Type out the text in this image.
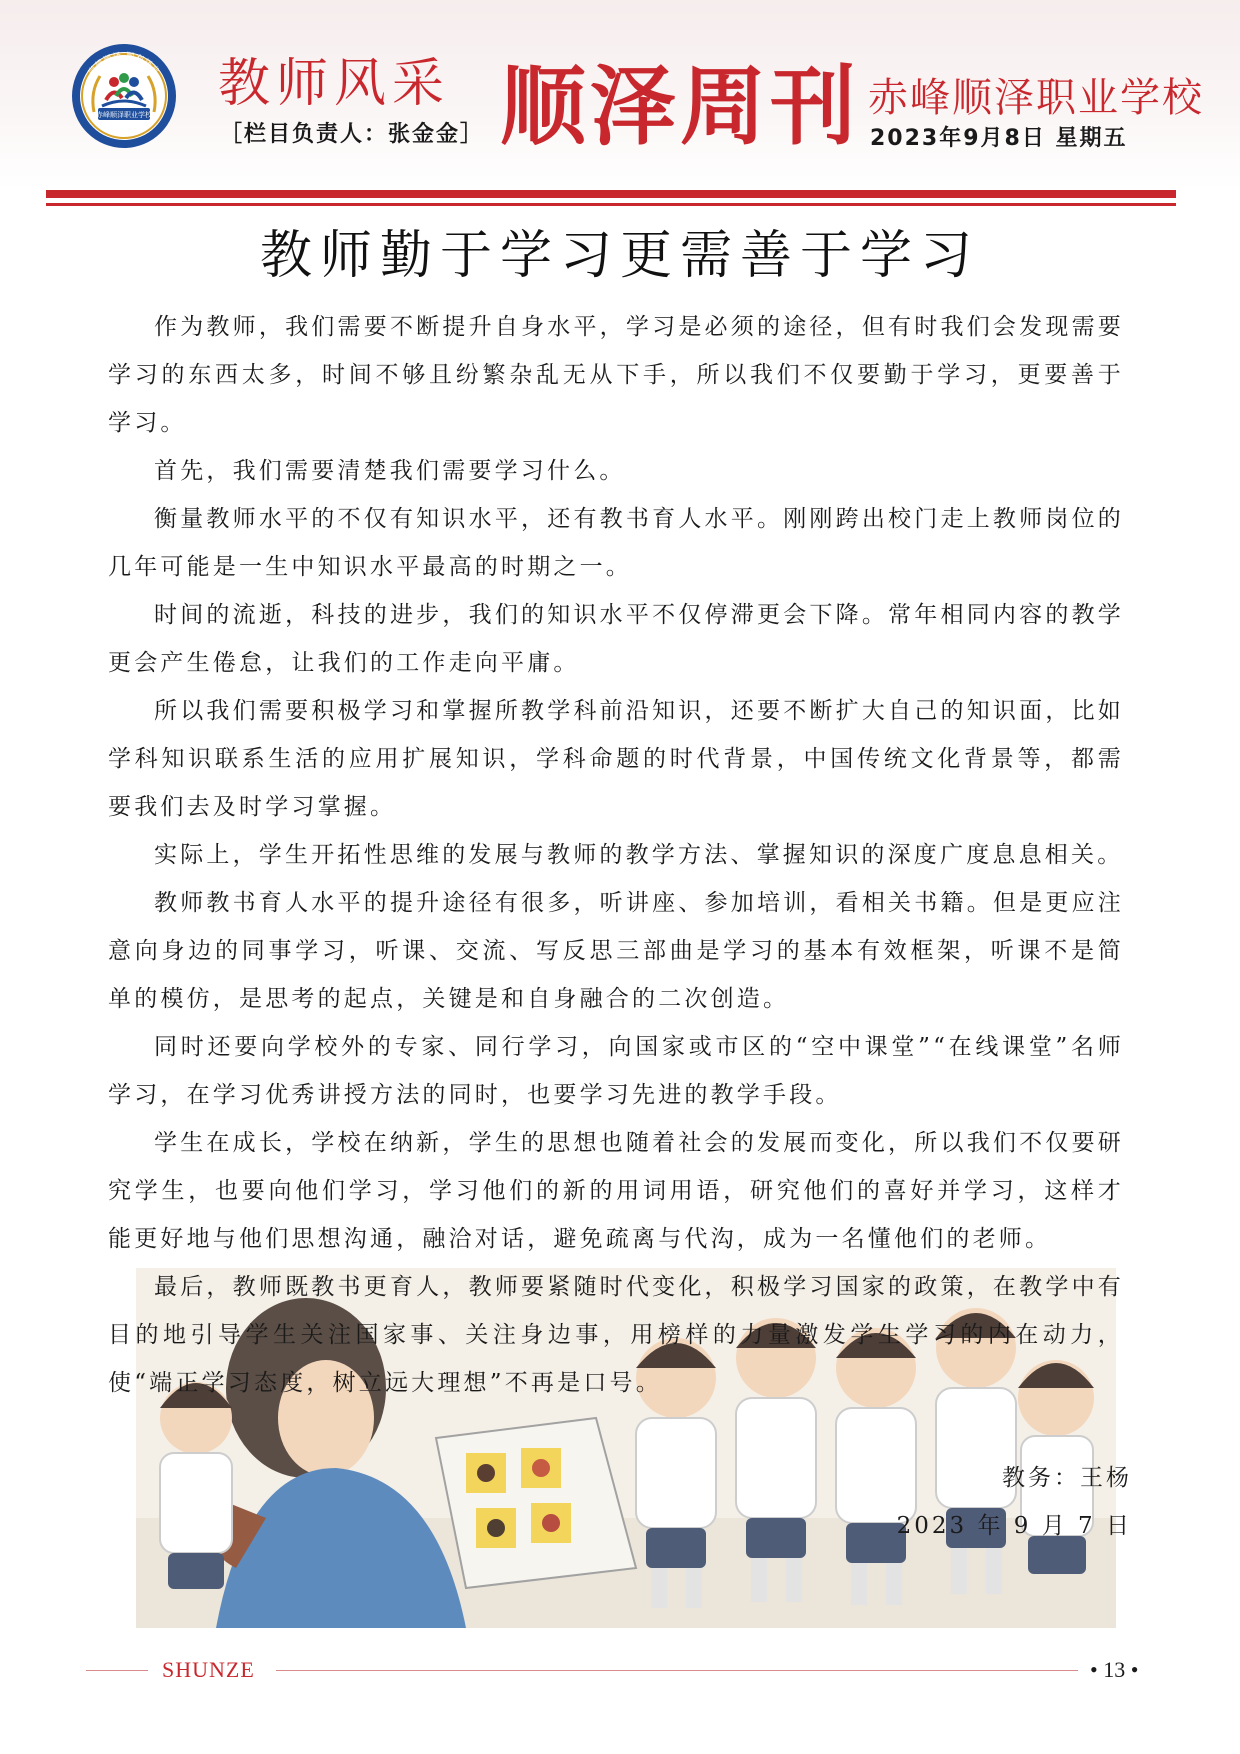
崇德顺泽 顺利泽业
赤峰顺泽职业学校
教师风采
［栏目负责人：张金金］ 顺泽周刊 赤峰顺泽职业学校
2023年9月8日 星期五
教师勤于学习更需善于学习

作为教师，我们需要不断提升自身水平，学习是必须的途径，但有时我们会发现需要学习的东西太多，时间不够且纷繁杂乱无从下手，所以我们不仅要勤于学习，更要善于学习。

首先，我们需要清楚我们需要学习什么。

衡量教师水平的不仅有知识水平，还有教书育人水平。刚刚跨出校门走上教师岗位的几年可能是一生中知识水平最高的时期之一。

时间的流逝，科技的进步，我们的知识水平不仅停滞更会下降。常年相同内容的教学更会产生倦怠，让我们的工作走向平庸。

所以我们需要积极学习和掌握所教学科前沿知识，还要不断扩大自己的知识面，比如学科知识联系生活的应用扩展知识，学科命题的时代背景，中国传统文化背景等，都需要我们去及时学习掌握。

实际上，学生开拓性思维的发展与教师的教学方法、掌握知识的深度广度息息相关。

教师教书育人水平的提升途径有很多，听讲座、参加培训，看相关书籍。但是更应注意向身边的同事学习，听课、交流、写反思三部曲是学习的基本有效框架，听课不是简单的模仿，是思考的起点，关键是和自身融合的二次创造。

同时还要向学校外的专家、同行学习，向国家或市区的“空中课堂”“在线课堂”名师学习，在学习优秀讲授方法的同时，也要学习先进的教学手段。

学生在成长，学校在纳新，学生的思想也随着社会的发展而变化，所以我们不仅要研究学生，也要向他们学习，学习他们的新的用词用语，研究他们的喜好并学习，这样才能更好地与他们思想沟通，融洽对话，避免疏离与代沟，成为一名懂他们的老师。

最后，教师既教书更育人，教师要紧随时代变化，积极学习国家的政策，在教学中有目的地引导学生关注国家事、关注身边事，用榜样的力量激发学生学习的内在动力，使“端正学习态度，树立远大理想”不再是口号。

教务：王杨
2023 年 9 月 7 日
SHUNZE	• 13 •
